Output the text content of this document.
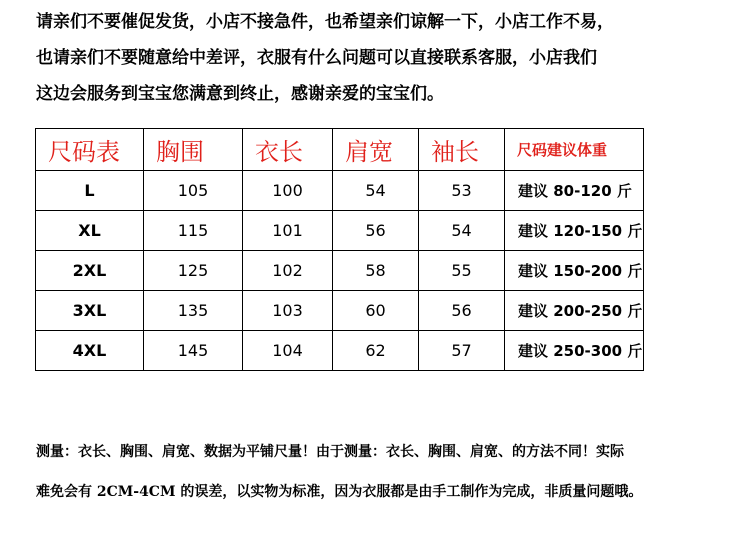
请亲们不要催促发货，小店不接急件，也希望亲们谅解一下，小店工作不易，

也请亲们不要随意给中差评，衣服有什么问题可以直接联系客服，小店我们

这边会服务到宝宝您满意到终止，感谢亲爱的宝宝们。

尺码表	胸围	衣长	肩宽	袖长	尺码建议体重
L	105	100	54	53	建议 80-120 斤
XL	115	101	56	54	建议 120-150 斤
2XL	125	102	58	55	建议 150-200 斤
3XL	135	103	60	56	建议 200-250 斤
4XL	145	104	62	57	建议 250-300 斤

测量：衣长、胸围、肩宽、数据为平铺尺量！由于测量：衣长、胸围、肩宽、的方法不同！实际

难免会有 2CM-4CM 的误差，以实物为标准，因为衣服都是由手工制作为完成，非质量问题哦。
